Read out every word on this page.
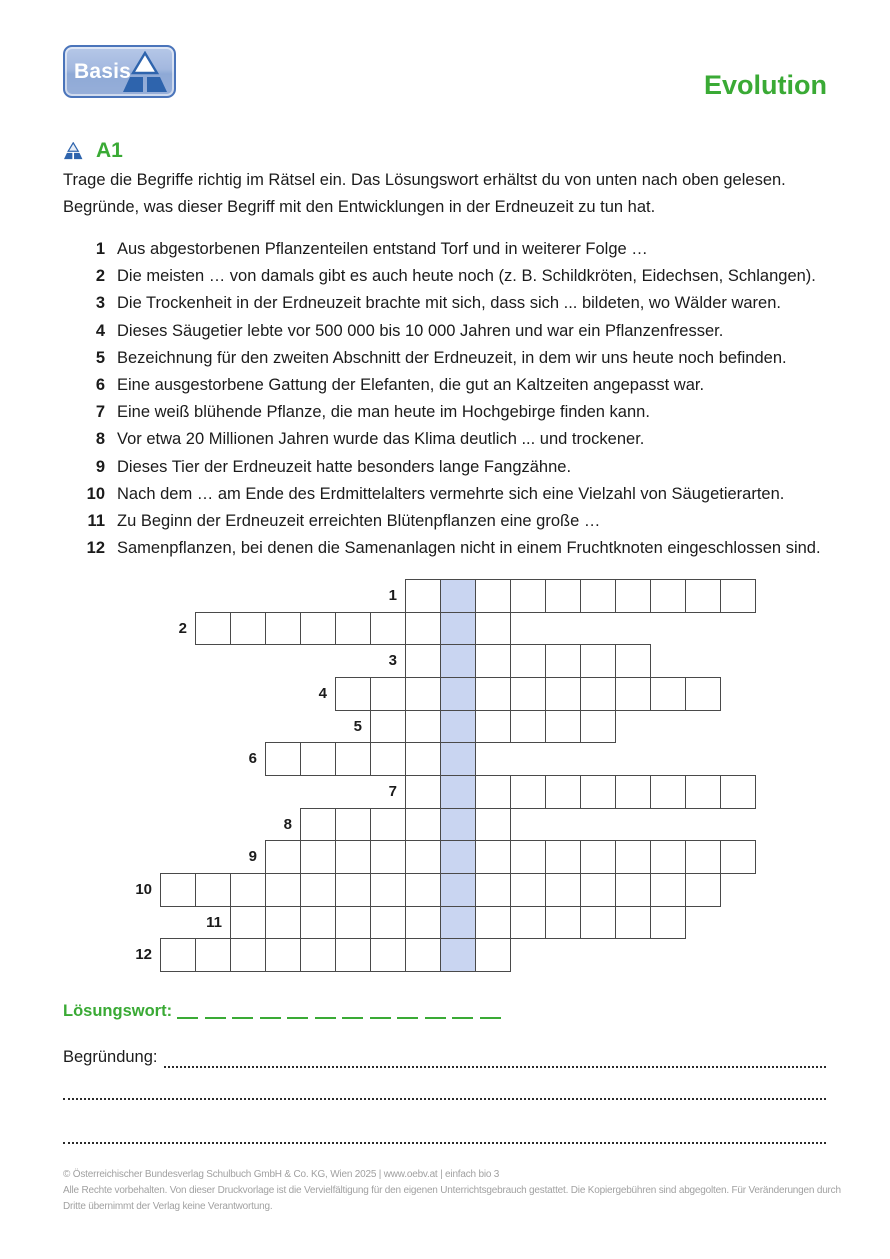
Basis	Evolution
A1
Trage die Begriffe richtig im Rätsel ein. Das Lösungswort erhältst du von unten nach oben gelesen.
Begründe, was dieser Begriff mit den Entwicklungen in der Erdneuzeit zu tun hat.
1 Aus abgestorbenen Pflanzenteilen entstand Torf und in weiterer Folge …
2 Die meisten … von damals gibt es auch heute noch (z. B. Schildkröten, Eidechsen, Schlangen).
3 Die Trockenheit in der Erdneuzeit brachte mit sich, dass sich ... bildeten, wo Wälder waren.
4 Dieses Säugetier lebte vor 500 000 bis 10 000 Jahren und war ein Pflanzenfresser.
5 Bezeichnung für den zweiten Abschnitt der Erdneuzeit, in dem wir uns heute noch befinden.
6 Eine ausgestorbene Gattung der Elefanten, die gut an Kaltzeiten angepasst war.
7 Eine weiß blühende Pflanze, die man heute im Hochgebirge finden kann.
8 Vor etwa 20 Millionen Jahren wurde das Klima deutlich ... und trockener.
9 Dieses Tier der Erdneuzeit hatte besonders lange Fangzähne.
10 Nach dem … am Ende des Erdmittelalters vermehrte sich eine Vielzahl von Säugetierarten.
11 Zu Beginn der Erdneuzeit erreichten Blütenpflanzen eine große …
12 Samenpflanzen, bei denen die Samenanlagen nicht in einem Fruchtknoten eingeschlossen sind.
1
2
3
4
5
6
7
8
9
10
11
12
Lösungswort:
Begründung:
© Österreichischer Bundesverlag Schulbuch GmbH & Co. KG, Wien 2025 | www.oebv.at | einfach bio 3
Alle Rechte vorbehalten. Von dieser Druckvorlage ist die Vervielfältigung für den eigenen Unterrichtsgebrauch gestattet. Die Kopiergebühren sind abgegolten. Für Veränderungen durch
Dritte übernimmt der Verlag keine Verantwortung.
